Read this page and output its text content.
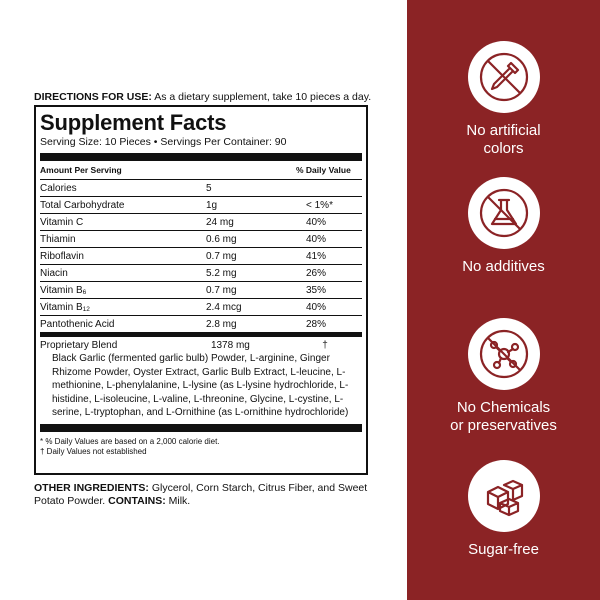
DIRECTIONS FOR USE: As a dietary supplement, take 10 pieces a day.
Supplement Facts
Serving Size: 10 Pieces • Servings Per Container: 90
Amount Per Serving	% Daily Value
Calories	5
Total Carbohydrate	1g	< 1%*
Vitamin C	24 mg	40%
Thiamin	0.6 mg	40%
Riboflavin	0.7 mg	41%
Niacin	5.2 mg	26%
Vitamin $B_6$	0.7 mg	35%
Vitamin $B_{12}$	2.4 mcg	40%
Pantothenic Acid	2.8 mg	28%
Proprietary Blend	1378 mg	†
Black Garlic (fermented garlic bulb) Powder, L-arginine, Ginger Rhizome Powder, Oyster Extract, Garlic Bulb Extract, L-leucine, L-methionine, L-phenylalanine, L-lysine (as L-lysine hydrochloride, L-histidine, L-isoleucine, L-valine, L-threonine, Glycine, L-cystine, L-serine, L-tryptophan, and L-Ornithine (as L-ornithine hydrochloride)
* % Daily Values are based on a 2,000 calorie diet.
† Daily Values not established
OTHER INGREDIENTS: Glycerol, Corn Starch, Citrus Fiber, and Sweet Potato Powder. CONTAINS: Milk.
No artificial
colors
No additives
No Chemicals
or preservatives
Sugar-free
